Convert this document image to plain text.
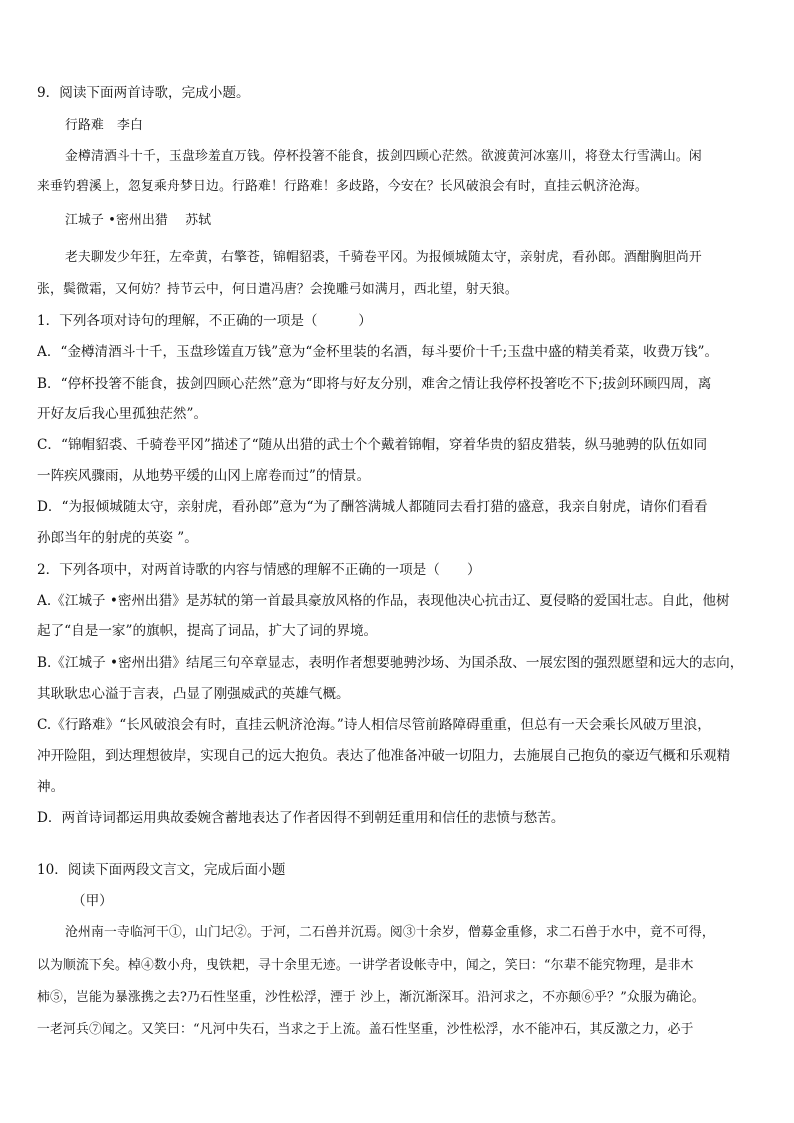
9．阅读下面两首诗歌，完成小题。
行路难　李白
金樽清酒斗十千，玉盘珍羞直万钱。停杯投箸不能食，拔剑四顾心茫然。欲渡黄河冰塞川，将登太行雪满山。闲
来垂钓碧溪上，忽复乘舟梦日边。行路难！行路难！多歧路，今安在？长风破浪会有时，直挂云帆济沧海。
江城子 •密州出猎　 苏轼
老夫聊发少年狂，左牵黄，右擎苍，锦帽貂裘，千骑卷平冈。为报倾城随太守，亲射虎，看孙郎。酒酣胸胆尚开
张，鬓微霜，又何妨？持节云中，何日遣冯唐？会挽雕弓如满月，西北望，射天狼。
1．下列各项对诗句的理解，不正确的一项是（　　　）
A．“金樽清酒斗十千，玉盘珍馐直万钱”意为“金杯里装的名酒，每斗要价十千;玉盘中盛的精美肴菜，收费万钱”。
B．“停杯投箸不能食，拔剑四顾心茫然”意为“即将与好友分别，难舍之情让我停杯投箸吃不下;拔剑环顾四周，离
开好友后我心里孤独茫然”。
C．“锦帽貂裘、千骑卷平冈”描述了“随从出猎的武士个个戴着锦帽，穿着华贵的貂皮猎装，纵马驰骋的队伍如同
一阵疾风骤雨，从地势平缓的山冈上席卷而过”的情景。
D．“为报倾城随太守，亲射虎，看孙郎”意为“为了酬答满城人都随同去看打猎的盛意，我亲自射虎，请你们看看
孙郎当年的射虎的英姿 ”。
2．下列各项中，对两首诗歌的内容与情感的理解不正确的一项是（　　）
A.《江城子 •密州出猎》是苏轼的第一首最具豪放风格的作品，表现他决心抗击辽、夏侵略的爱国壮志。自此，他树
起了“自是一家”的旗帜，提高了词品，扩大了词的界境。
B.《江城子 •密州出猎》结尾三句卒章显志，表明作者想要驰骋沙场、为国杀敌、一展宏图的强烈愿望和远大的志向，
其耿耿忠心溢于言表，凸显了刚强威武的英雄气概。
C.《行路难》“长风破浪会有时，直挂云帆济沧海。”诗人相信尽管前路障碍重重，但总有一天会乘长风破万里浪，
冲开险阻，到达理想彼岸，实现自己的远大抱负。表达了他准备冲破一切阻力，去施展自己抱负的豪迈气概和乐观精
神。
D．两首诗词都运用典故委婉含蓄地表达了作者因得不到朝廷重用和信任的悲愤与愁苦。
10．阅读下面两段文言文，完成后面小题
（甲）
沧州南一寺临河干①，山门圮②。于河，二石兽并沉焉。阅③十余岁，僧募金重修，求二石兽于水中，竟不可得，
以为顺流下矣。棹④数小舟，曳铁耙，寻十余里无迹。一讲学者设帐寺中，闻之，笑曰：“尔辈不能究物理，是非木
柿⑤，岂能为暴涨携之去?乃石性坚重，沙性松浮，湮于 沙上，渐沉渐深耳。沿河求之，不亦颠⑥乎？”众服为确论。
一老河兵⑦闻之。又笑曰：“凡河中失石，当求之于上流。盖石性坚重，沙性松浮，水不能冲石，其反激之力，必于
